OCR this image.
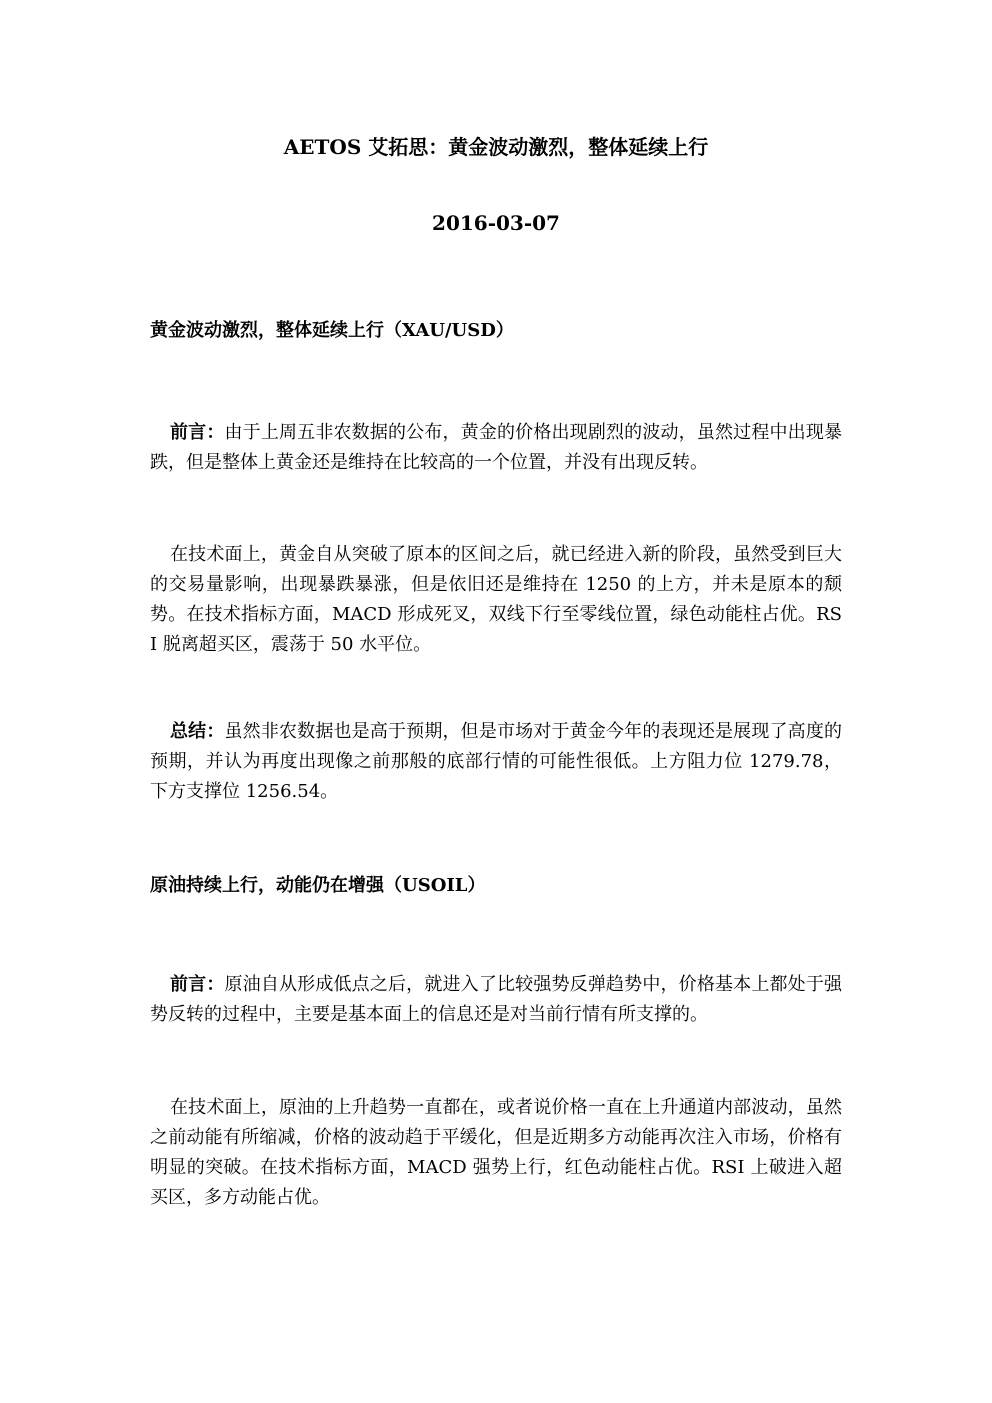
AETOS 艾拓思：黄金波动激烈，整体延续上行
2016-03-07
黄金波动激烈，整体延续上行（XAU/USD）
前言：由于上周五非农数据的公布，黄金的价格出现剧烈的波动，虽然过程中出现暴跌，但是整体上黄金还是维持在比较高的一个位置，并没有出现反转。
在技术面上，黄金自从突破了原本的区间之后，就已经进入新的阶段，虽然受到巨大的交易量影响，出现暴跌暴涨，但是依旧还是维持在 1250 的上方，并未是原本的颓势。在技术指标方面，MACD 形成死叉，双线下行至零线位置，绿色动能柱占优。RSI 脱离超买区，震荡于 50 水平位。
总结：虽然非农数据也是高于预期，但是市场对于黄金今年的表现还是展现了高度的预期，并认为再度出现像之前那般的底部行情的可能性很低。上方阻力位 1279.78，下方支撑位 1256.54。
原油持续上行，动能仍在增强（USOIL）
前言：原油自从形成低点之后，就进入了比较强势反弹趋势中，价格基本上都处于强势反转的过程中，主要是基本面上的信息还是对当前行情有所支撑的。
在技术面上，原油的上升趋势一直都在，或者说价格一直在上升通道内部波动，虽然之前动能有所缩减，价格的波动趋于平缓化，但是近期多方动能再次注入市场，价格有明显的突破。在技术指标方面，MACD 强势上行，红色动能柱占优。RSI 上破进入超买区，多方动能占优。
